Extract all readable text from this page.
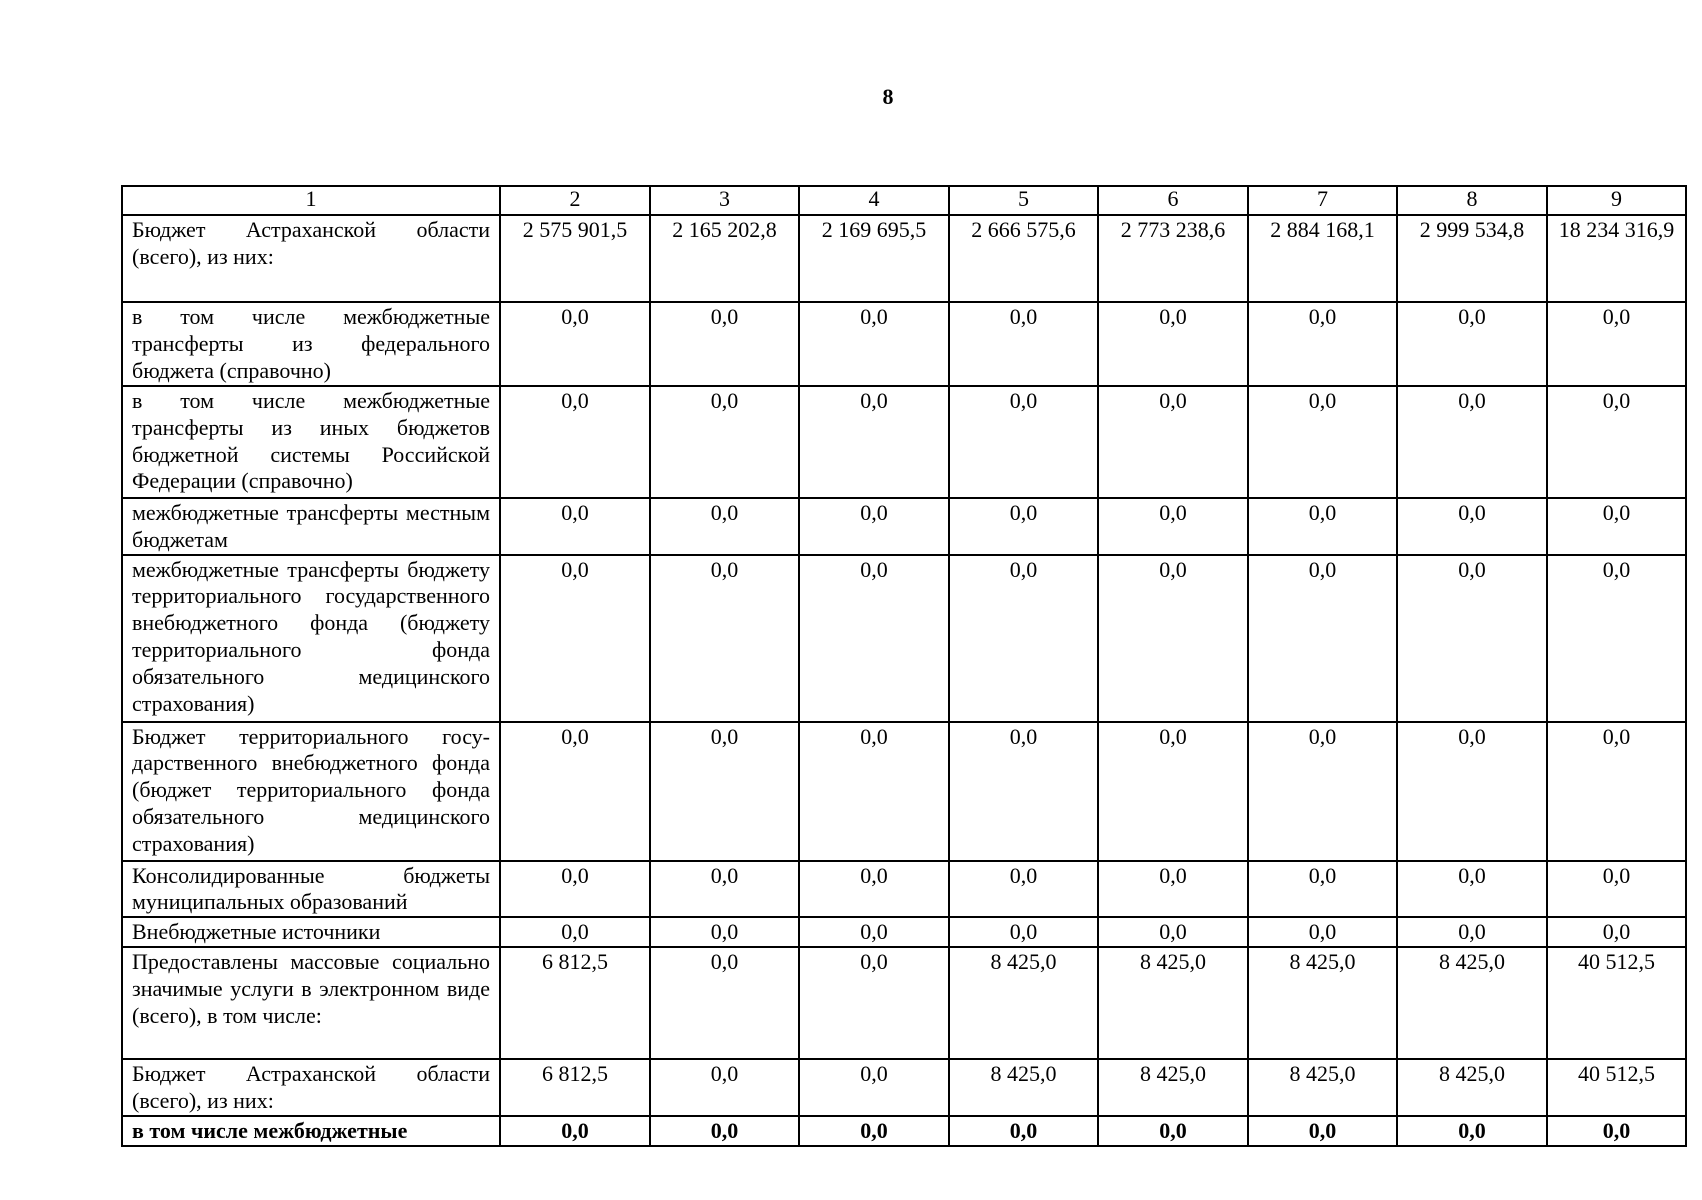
8
1	2	3	4	5	6	7	8	9
Бюджет Астраханской области (всего), из них:	2 575 901,5	2 165 202,8	2 169 695,5	2 666 575,6	2 773 238,6	2 884 168,1	2 999 534,8	18 234 316,9
в том числе межбюджетные трансферты из федерального бюджета (справочно)	0,0	0,0	0,0	0,0	0,0	0,0	0,0	0,0
в том числе межбюджетные трансферты из иных бюджетов бюджетной системы Российской Федерации (справочно)	0,0	0,0	0,0	0,0	0,0	0,0	0,0	0,0
межбюджетные трансферты местным бюджетам	0,0	0,0	0,0	0,0	0,0	0,0	0,0	0,0
межбюджетные трансферты бюджету территориального государственного внебюджетного фонда (бюджету территориального фонда обязательного медицинского страхования)	0,0	0,0	0,0	0,0	0,0	0,0	0,0	0,0
Бюджет территориального государственного внебюджетного фонда (бюджет территориального фонда обязательного медицинского страхования)	0,0	0,0	0,0	0,0	0,0	0,0	0,0	0,0
Консолидированные бюджеты муниципальных образований	0,0	0,0	0,0	0,0	0,0	0,0	0,0	0,0
Внебюджетные источники	0,0	0,0	0,0	0,0	0,0	0,0	0,0	0,0
Предоставлены массовые социально значимые услуги в электронном виде (всего), в том числе:	6 812,5	0,0	0,0	8 425,0	8 425,0	8 425,0	8 425,0	40 512,5
Бюджет Астраханской области (всего), из них:	6 812,5	0,0	0,0	8 425,0	8 425,0	8 425,0	8 425,0	40 512,5
в том числе межбюджетные	0,0	0,0	0,0	0,0	0,0	0,0	0,0	0,0
